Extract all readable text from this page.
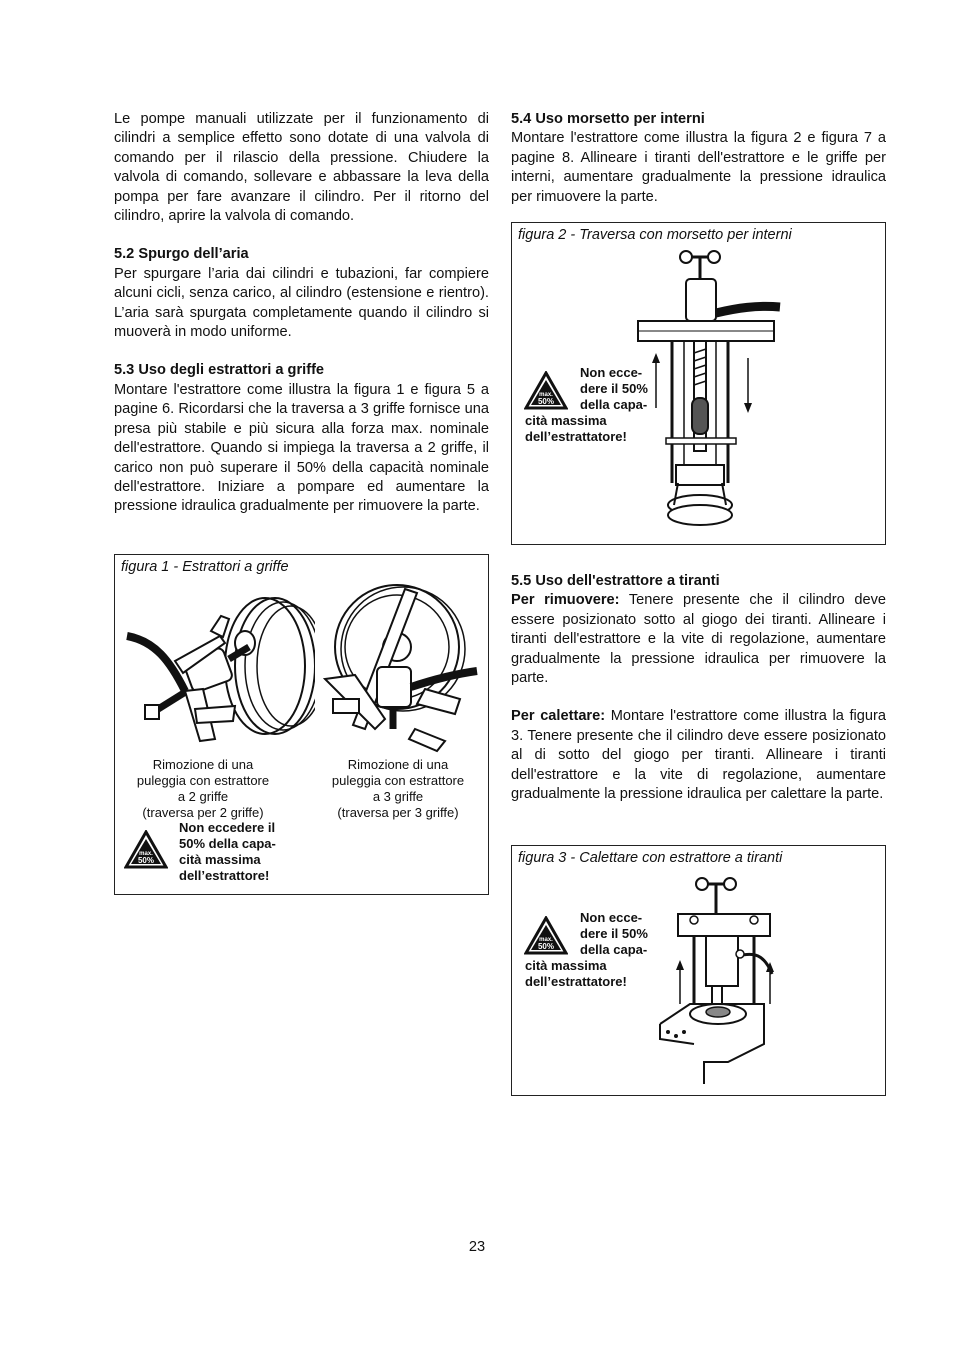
Le pompe manuali utilizzate per il funzionamento di cilindri a semplice effetto sono dotate di una valvola di comando per il rilascio della pressione. Chiudere la valvola di comando, sollevare e abbassare la leva della pompa per fare avanzare il cilindro. Per il ritorno del cilindro, aprire la valvola di comando.

5.2 Spurgo dell’aria

Per spurgare l’aria dai cilindri e tubazioni, far compiere alcuni cicli, senza carico, al cilindro (estensione e rientro). L’aria sarà spurgata completamente quando il cilindro si muoverà in modo uniforme.

5.3 Uso degli estrattori a griffe

Montare l'estrattore come illustra la figura 1 e figura 5 a pagine 6. Ricordarsi che la traversa a 3 griffe fornisce una presa più stabile e più sicura alla forza max. nominale dell'estrattore. Quando si impiega la traversa a 2 griffe, il carico non può superare il 50% della capacità nominale dell'estrattore. Iniziare a pompare ed aumentare la pressione idraulica gradualmente per rimuovere la parte.

figura 1 - Estrattori a griffe
Rimozione di una
puleggia con estrattore
a 2 griffe
(traversa per 2 griffe)
Rimozione di una
puleggia con estrattore
a 3 griffe
(traversa per 3 griffe)
max.
50%
Non eccedere il
50% della capa-
cità massima
dell’estrattore!
5.4 Uso morsetto per interni

Montare l'estrattore come illustra la figura 2 e figura 7 a pagine 8. Allineare i tiranti dell'estrattore e le griffe per interni, aumentare gradualmente la pressione idraulica per rimuovere la parte.

figura 2 - Traversa con morsetto per interni
max.
50%
Non ecce-
dere il 50%
della capa-
cità massima
dell’estrattatore!
5.5 Uso dell'estrattore a tiranti

Per rimuovere: Tenere presente che il cilindro deve essere posizionato sotto al giogo dei tiranti. Allineare i tiranti dell'estrattore e la vite di regolazione, aumentare gradualmente la pressione idraulica per rimuovere la parte.

Per calettare: Montare l'estrattore come illustra la figura 3. Tenere presente che il cilindro deve essere posizionato al di sotto del giogo per tiranti. Allineare i tiranti dell'estrattore e la vite di regolazione, aumentare gradualmente la pressione idraulica per calettare la parte.

figura 3 - Calettare con estrattore a tiranti
max.
50%
Non ecce-
dere il 50%
della capa-
cità massima
dell’estrattatore!
23
